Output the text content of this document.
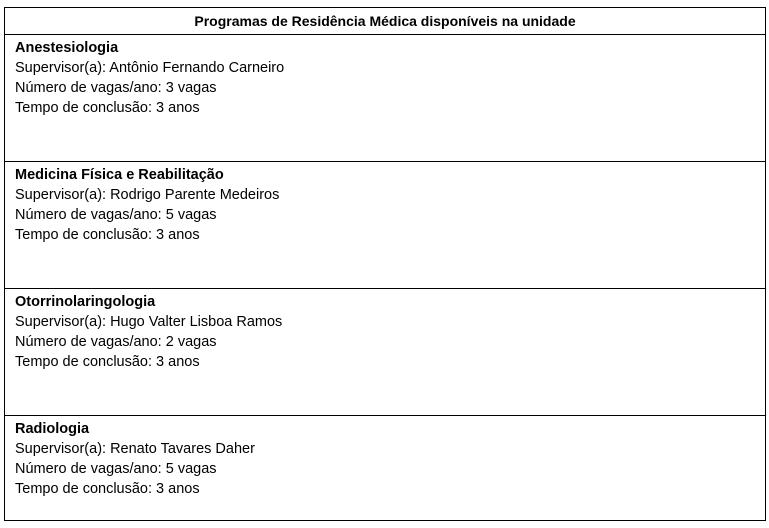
Programas de Residência Médica disponíveis na unidade

Anestesiologia
Supervisor(a): Antônio Fernando Carneiro
Número de vagas/ano: 3 vagas
Tempo de conclusão: 3 anos

Medicina Física e Reabilitação
Supervisor(a): Rodrigo Parente Medeiros
Número de vagas/ano: 5 vagas
Tempo de conclusão: 3 anos

Otorrinolaringologia
Supervisor(a): Hugo Valter Lisboa Ramos
Número de vagas/ano: 2 vagas
Tempo de conclusão: 3 anos

Radiologia
Supervisor(a): Renato Tavares Daher
Número de vagas/ano: 5 vagas
Tempo de conclusão: 3 anos
